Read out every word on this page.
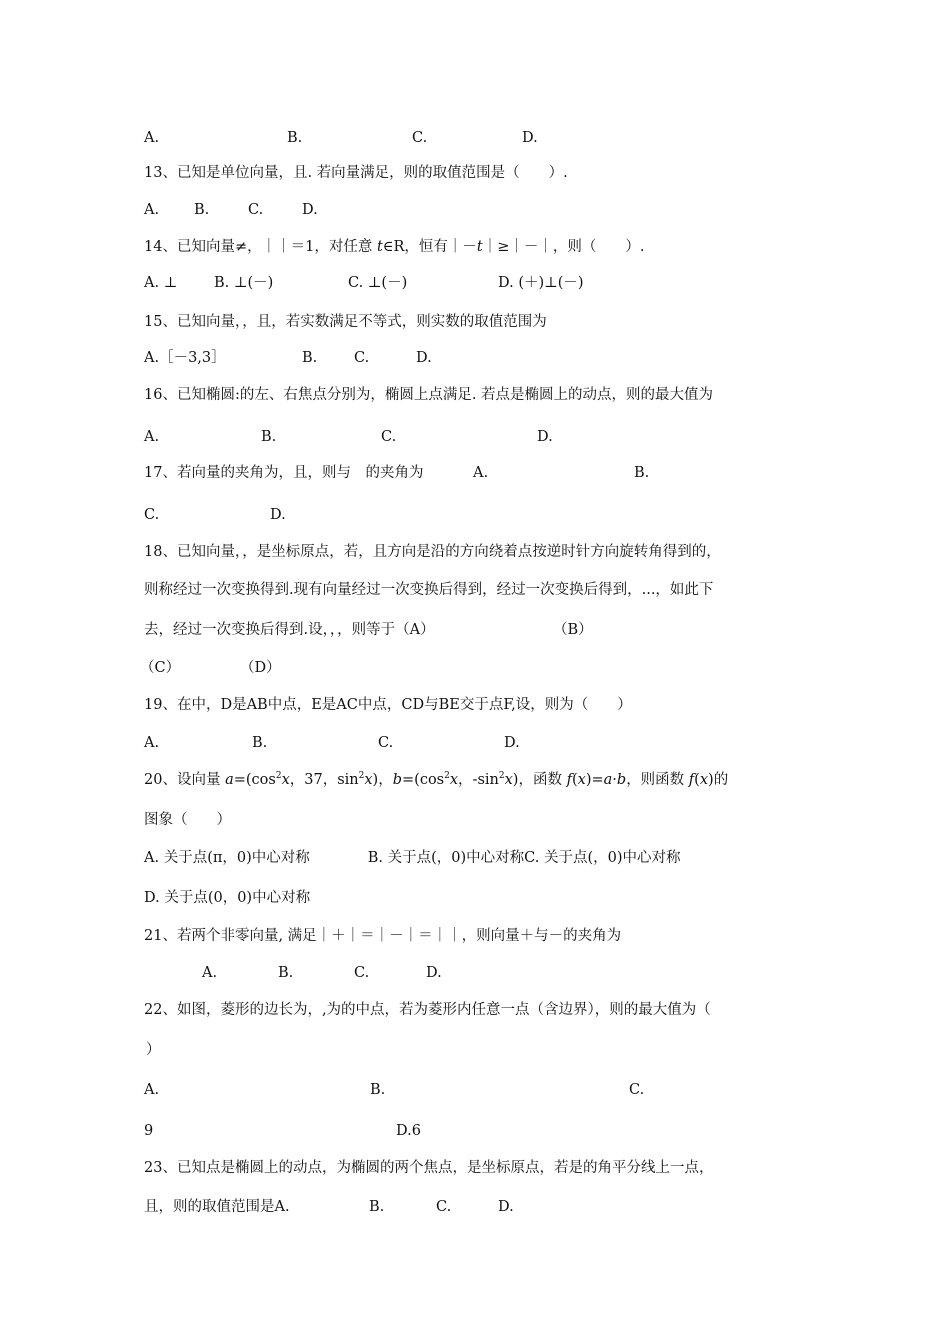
A.	B.	C.	D.
13、已知是单位向量，且. 若向量满足，则的取值范围是（　　）.
A. B.	C.	D.
14、已知向量≠，｜｜＝1，对任意 t∈R，恒有｜－t｜≥｜－｜，则（　　）.
A. ⊥	B. ⊥(－)	C. ⊥(－)	D. (＋)⊥(－)
15、已知向量，，且，若实数满足不等式，则实数的取值范围为
A.［－3,3］	B.	C.	D.
16、已知椭圆:的左、右焦点分别为，椭圆上点满足. 若点是椭圆上的动点，则的最大值为
A.	B.	C.	D.
17、若向量的夹角为，且，则与　的夹角为	A.	B.
C.	D.
18、已知向量，，是坐标原点，若，且方向是沿的方向绕着点按逆时针方向旋转角得到的，
则称经过一次变换得到.现有向量经过一次变换后得到，经过一次变换后得到，...，如此下
去，经过一次变换后得到.设，，，则等于（A）	（B）
（C）	（D）
19、在中，D是AB中点，E是AC中点，CD与BE交于点F,设，则为（　　）
A.	B.	C.	D.
20、设向量 $a=(\cos^2x$，37，$\sin^2x$)，$b=(\cos^2x$，$-\sin^2x$)，函数 f(x)=a·b，则函数 f(x)的
图象（　　）
A. 关于点(π，0)中心对称　　　　B. 关于点(，0)中心对称C. 关于点(，0)中心对称
D. 关于点(0，0)中心对称
21、若两个非零向量, 满足｜＋｜＝｜－｜＝｜｜，则向量＋与－的夹角为
A.	B.	C.	D.
22、如图，菱形的边长为，,为的中点，若为菱形内任意一点（含边界），则的最大值为（
）
A.	B.	C.
9	D.6
23、已知点是椭圆上的动点，为椭圆的两个焦点，是坐标原点，若是的角平分线上一点，
且，则的取值范围是A.	B.	C.	D.
